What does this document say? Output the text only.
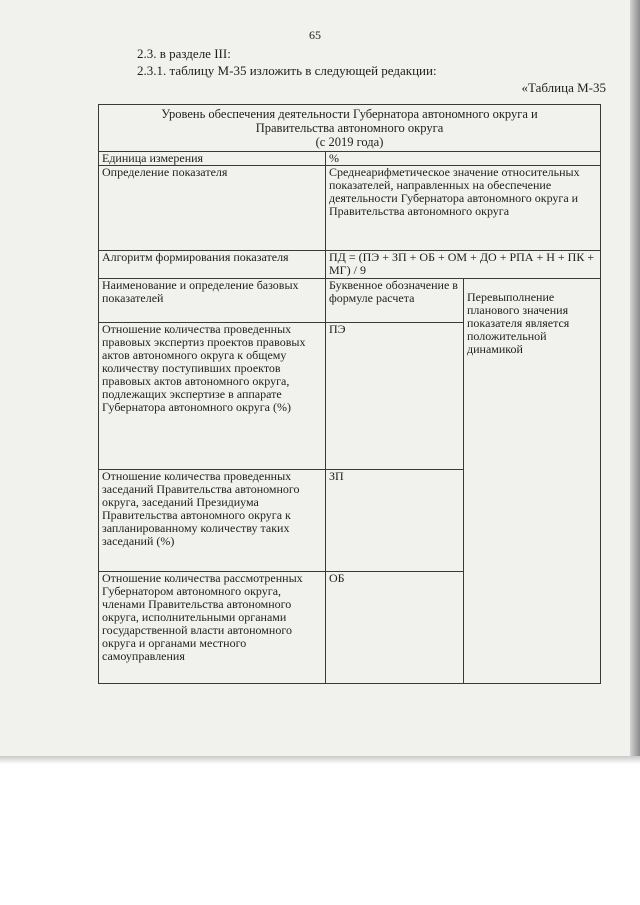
65
2.3. в разделе III:
2.3.1. таблицу М-35 изложить в следующей редакции:
«Таблица М-35
Уровень обеспечения деятельности Губернатора автономного округа и
Правительства автономного округа
(с 2019 года)		

Единица измерения	%	
Определение показателя	Среднеарифметическое значение относительных показателей, направленных на обеспечение деятельности Губернатора автономного округа и Правительства автономного округа	

Алгоритм формирования показателя	ПД = (ПЭ + ЗП + ОБ + ОМ + ДО + РПА + Н + ПК + МГ) / 9	
Наименование и определение базовых показателей	Буквенное обозначение в формуле расчета	Перевыполнение планового значения показателя является положительной динамикой

Отношение количества проведенных правовых экспертиз проектов правовых актов автономного округа к общему количеству поступивших проектов правовых актов автономного округа, подлежащих экспертизе в аппарате Губернатора автономного округа (%)	ПЭ	
Отношение количества проведенных заседаний Правительства автономного округа, заседаний Президиума Правительства автономного округа к запланированному количеству таких заседаний (%)	ЗП	
Отношение количества рассмотренных Губернатором автономного округа, членами Правительства автономного округа, исполнительными органами государственной власти автономного округа и органами местного самоуправления	ОБ	
